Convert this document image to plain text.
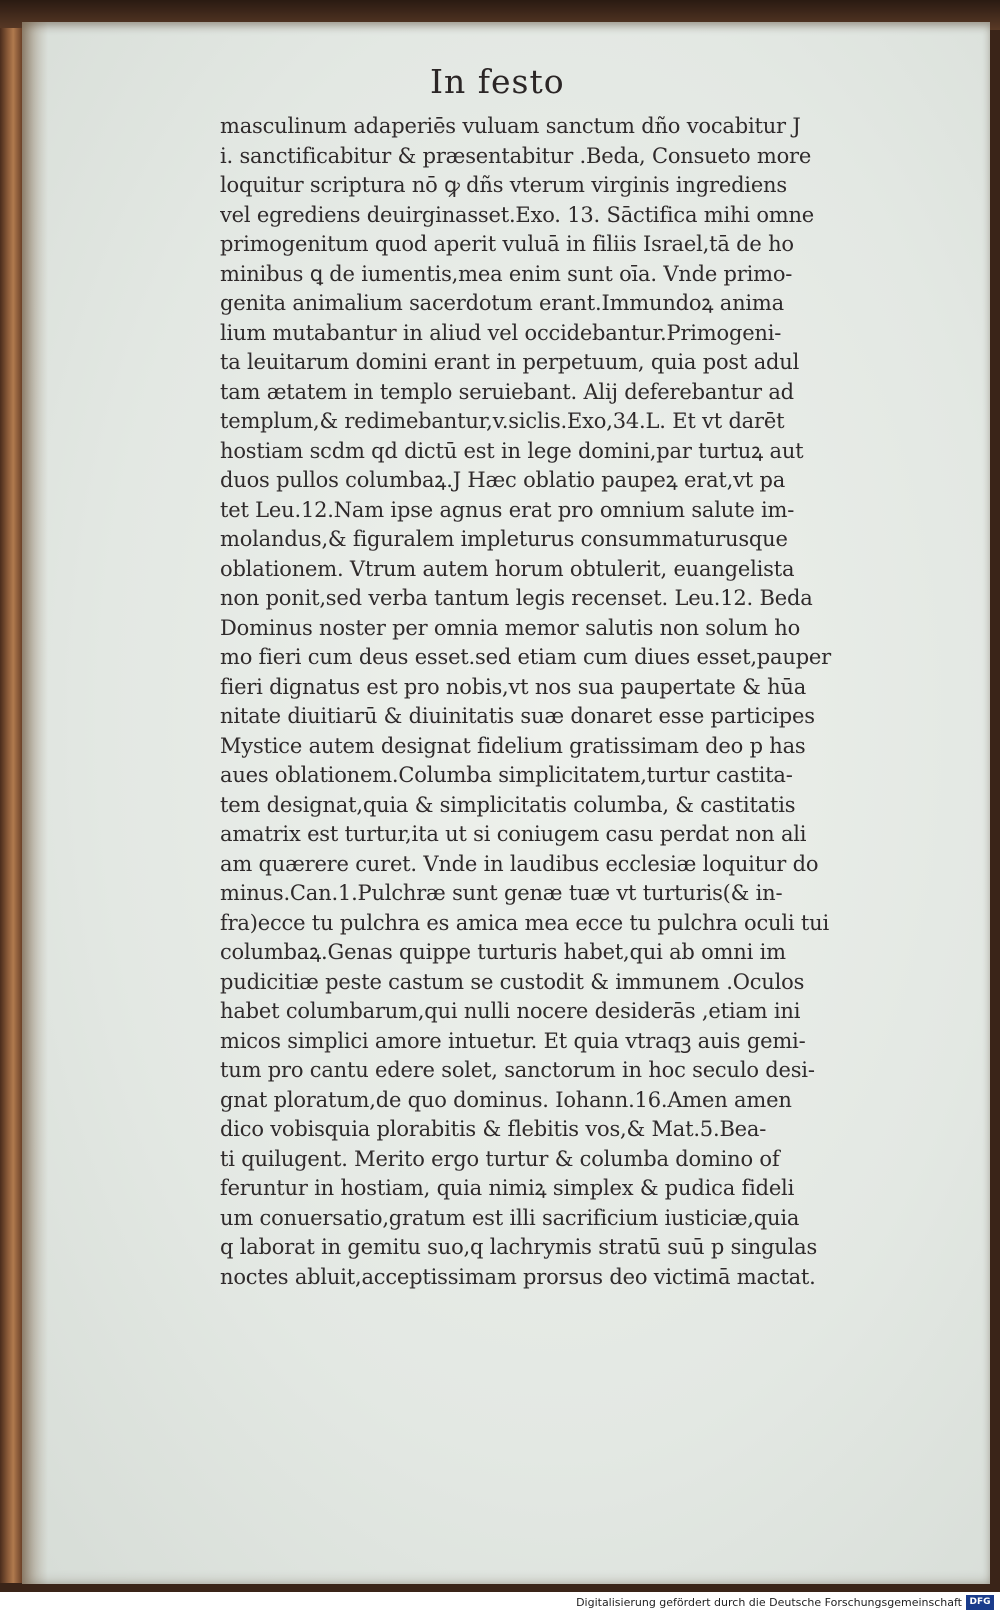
In festo
masculinum adaperiēs vuluam sanctum dño vocabitur J
i. sanctificabitur & præsentabitur .Beda, Consueto more
loquitur scriptura nō ꝙ dñs vterum virginis ingrediens
vel egrediens deuirginasset.Exo. 13. Sāctifica mihi omne
primogenitum quod aperit vuluā in filiis Israel,tā de ho
minibus ꝗ de iumentis,mea enim sunt oīa. Vnde primo-
genita animalium sacerdotum erant.Immundoꝝ anima
lium mutabantur in aliud vel occidebantur.Primogeni-
ta leuitarum domini erant in perpetuum, quia post adul
tam ætatem in templo seruiebant. Alij deferebantur ad
templum,& redimebantur,v.siclis.Exo,34.L. Et vt darēt
hostiam scdm qd dictū est in lege domini,par turtuꝝ aut
duos pullos columbaꝝ.J Hæc oblatio paupeꝝ erat,vt pa
tet Leu.12.Nam ipse agnus erat pro omnium salute im-
molandus,& figuralem impleturus consummaturusque
oblationem. Vtrum autem horum obtulerit, euangelista
non ponit,sed verba tantum legis recenset. Leu.12. Beda
Dominus noster per omnia memor salutis non solum ho
mo fieri cum deus esset.sed etiam cum diues esset,pauper
fieri dignatus est pro nobis,vt nos sua paupertate & hūa
nitate diuitiarū & diuinitatis suæ donaret esse participes
Mystice autem designat fidelium gratissimam deo p has
aues oblationem.Columba simplicitatem,turtur castita-
tem designat,quia & simplicitatis columba, & castitatis
amatrix est turtur,ita ut si coniugem casu perdat non ali
am quærere curet. Vnde in laudibus ecclesiæ loquitur do
minus.Can.1.Pulchræ sunt genæ tuæ vt turturis(& in-
fra)ecce tu pulchra es amica mea ecce tu pulchra oculi tui
columbaꝝ.Genas quippe turturis habet,qui ab omni im
pudicitiæ peste castum se custodit & immunem .Oculos
habet columbarum,qui nulli nocere desiderās ,etiam ini
micos simplici amore intuetur. Et quia vtraqꝫ auis gemi-
tum pro cantu edere solet, sanctorum in hoc seculo desi-
gnat ploratum,de quo dominus. Iohann.16.Amen amen
dico vobisquia plorabitis & flebitis vos,& Mat.5.Bea-
ti quilugent. Merito ergo turtur & columba domino of
feruntur in hostiam, quia nimiꝝ simplex & pudica fideli
um conuersatio,gratum est illi sacrificium iusticiæ,quia
q laborat in gemitu suo,q lachrymis stratū suū p singulas
noctes abluit,acceptissimam prorsus deo victimā mactat.
Digitalisierung gefördert durch die Deutsche Forschungsgemeinschaft DFG
